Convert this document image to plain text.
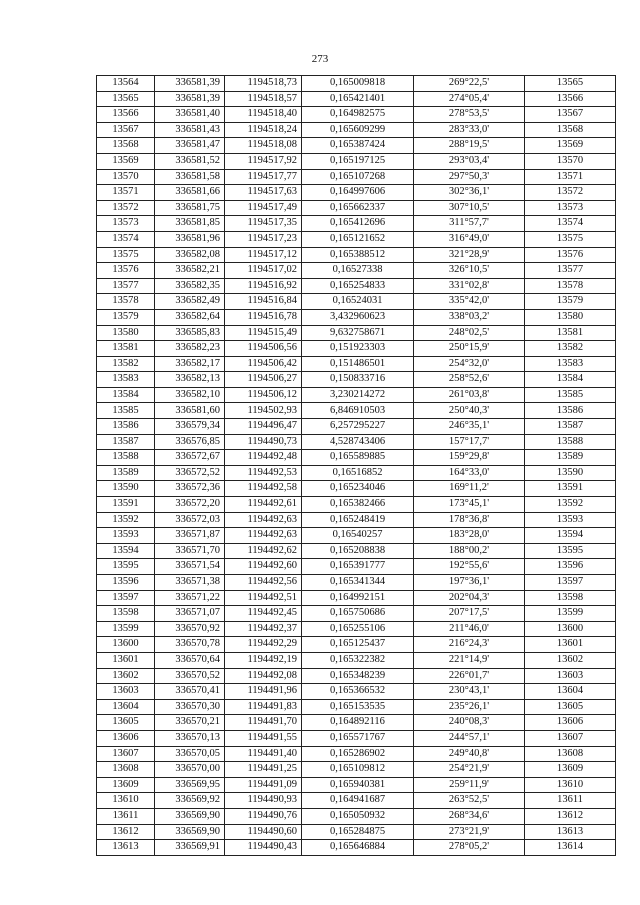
273
13564	336581,39	1194518,73	0,165009818	269°22,5'	13565
13565	336581,39	1194518,57	0,165421401	274°05,4'	13566
13566	336581,40	1194518,40	0,164982575	278°53,5'	13567
13567	336581,43	1194518,24	0,165609299	283°33,0'	13568
13568	336581,47	1194518,08	0,165387424	288°19,5'	13569
13569	336581,52	1194517,92	0,165197125	293°03,4'	13570
13570	336581,58	1194517,77	0,165107268	297°50,3'	13571
13571	336581,66	1194517,63	0,164997606	302°36,1'	13572
13572	336581,75	1194517,49	0,165662337	307°10,5'	13573
13573	336581,85	1194517,35	0,165412696	311°57,7'	13574
13574	336581,96	1194517,23	0,165121652	316°49,0'	13575
13575	336582,08	1194517,12	0,165388512	321°28,9'	13576
13576	336582,21	1194517,02	0,16527338	326°10,5'	13577
13577	336582,35	1194516,92	0,165254833	331°02,8'	13578
13578	336582,49	1194516,84	0,16524031	335°42,0'	13579
13579	336582,64	1194516,78	3,432960623	338°03,2'	13580
13580	336585,83	1194515,49	9,632758671	248°02,5'	13581
13581	336582,23	1194506,56	0,151923303	250°15,9'	13582
13582	336582,17	1194506,42	0,151486501	254°32,0'	13583
13583	336582,13	1194506,27	0,150833716	258°52,6'	13584
13584	336582,10	1194506,12	3,230214272	261°03,8'	13585
13585	336581,60	1194502,93	6,846910503	250°40,3'	13586
13586	336579,34	1194496,47	6,257295227	246°35,1'	13587
13587	336576,85	1194490,73	4,528743406	157°17,7'	13588
13588	336572,67	1194492,48	0,165589885	159°29,8'	13589
13589	336572,52	1194492,53	0,16516852	164°33,0'	13590
13590	336572,36	1194492,58	0,165234046	169°11,2'	13591
13591	336572,20	1194492,61	0,165382466	173°45,1'	13592
13592	336572,03	1194492,63	0,165248419	178°36,8'	13593
13593	336571,87	1194492,63	0,16540257	183°28,0'	13594
13594	336571,70	1194492,62	0,165208838	188°00,2'	13595
13595	336571,54	1194492,60	0,165391777	192°55,6'	13596
13596	336571,38	1194492,56	0,165341344	197°36,1'	13597
13597	336571,22	1194492,51	0,164992151	202°04,3'	13598
13598	336571,07	1194492,45	0,165750686	207°17,5'	13599
13599	336570,92	1194492,37	0,165255106	211°46,0'	13600
13600	336570,78	1194492,29	0,165125437	216°24,3'	13601
13601	336570,64	1194492,19	0,165322382	221°14,9'	13602
13602	336570,52	1194492,08	0,165348239	226°01,7'	13603
13603	336570,41	1194491,96	0,165366532	230°43,1'	13604
13604	336570,30	1194491,83	0,165153535	235°26,1'	13605
13605	336570,21	1194491,70	0,164892116	240°08,3'	13606
13606	336570,13	1194491,55	0,165571767	244°57,1'	13607
13607	336570,05	1194491,40	0,165286902	249°40,8'	13608
13608	336570,00	1194491,25	0,165109812	254°21,9'	13609
13609	336569,95	1194491,09	0,165940381	259°11,9'	13610
13610	336569,92	1194490,93	0,164941687	263°52,5'	13611
13611	336569,90	1194490,76	0,165050932	268°34,6'	13612
13612	336569,90	1194490,60	0,165284875	273°21,9'	13613
13613	336569,91	1194490,43	0,165646884	278°05,2'	13614
